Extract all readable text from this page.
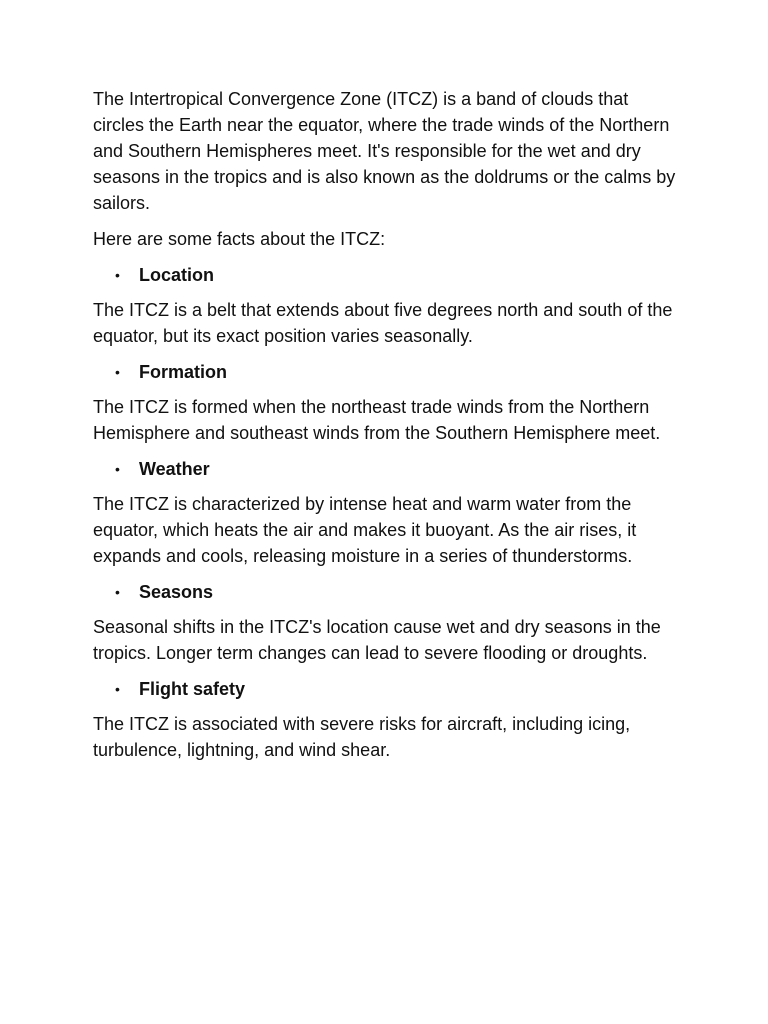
The Intertropical Convergence Zone (ITCZ) is a band of clouds that circles the Earth near the equator, where the trade winds of the Northern and Southern Hemispheres meet. It's responsible for the wet and dry seasons in the tropics and is also known as the doldrums or the calms by sailors.

Here are some facts about the ITCZ:

• Location

The ITCZ is a belt that extends about five degrees north and south of the equator, but its exact position varies seasonally.

• Formation

The ITCZ is formed when the northeast trade winds from the Northern Hemisphere and southeast winds from the Southern Hemisphere meet.

• Weather

The ITCZ is characterized by intense heat and warm water from the equator, which heats the air and makes it buoyant. As the air rises, it expands and cools, releasing moisture in a series of thunderstorms.

• Seasons

Seasonal shifts in the ITCZ's location cause wet and dry seasons in the tropics. Longer term changes can lead to severe flooding or droughts.

• Flight safety

The ITCZ is associated with severe risks for aircraft, including icing, turbulence, lightning, and wind shear.
